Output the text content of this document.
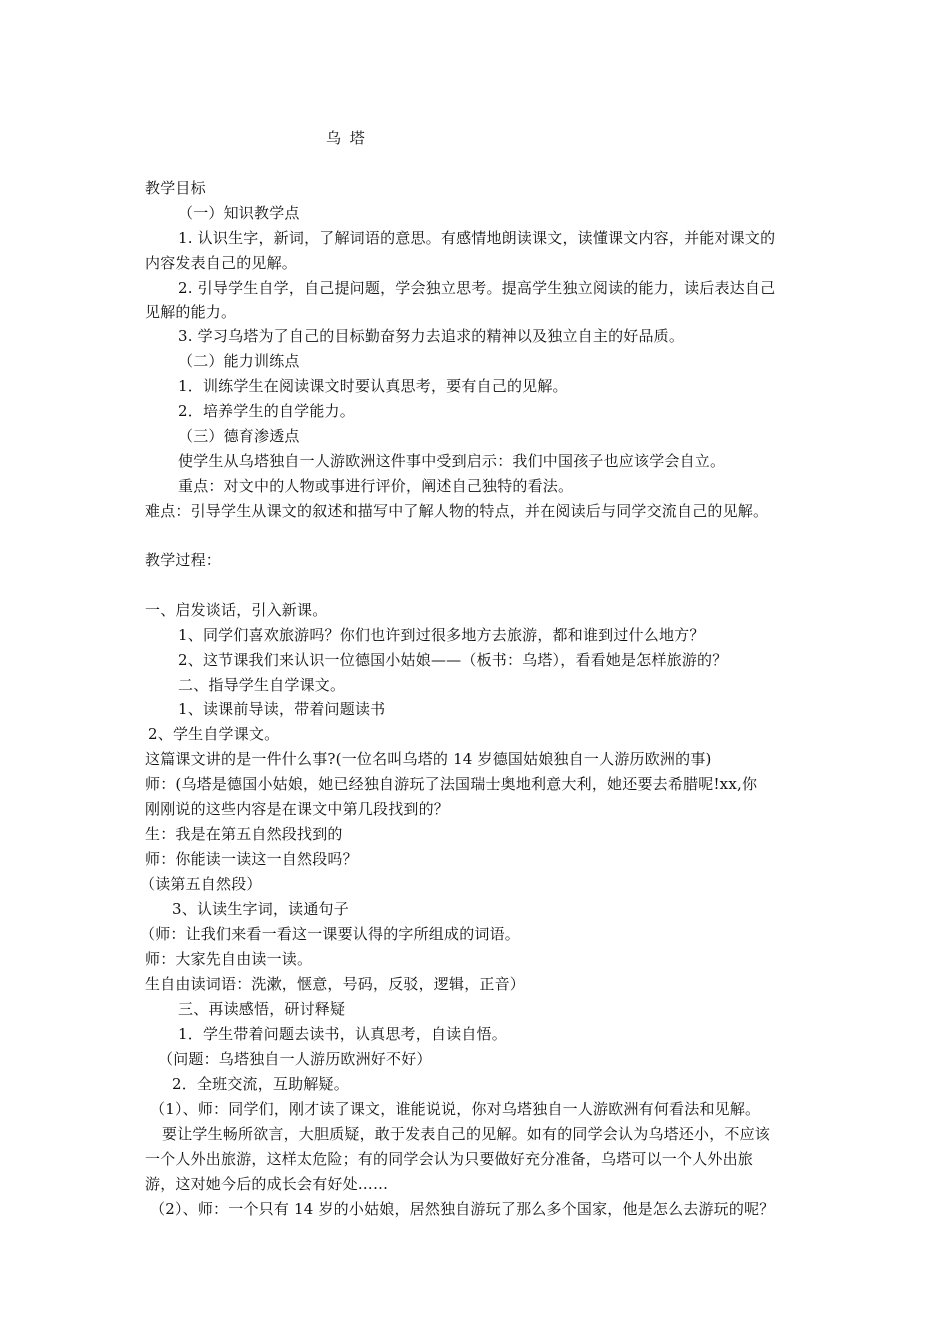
乌 塔
教学目标
（一）知识教学点
1. 认识生字，新词，了解词语的意思。有感情地朗读课文，读懂课文内容，并能对课文的
内容发表自己的见解。
2. 引导学生自学，自己提问题，学会独立思考。提高学生独立阅读的能力，读后表达自己
见解的能力。
3. 学习乌塔为了自己的目标勤奋努力去追求的精神以及独立自主的好品质。
（二）能力训练点
1．训练学生在阅读课文时要认真思考，要有自己的见解。
2．培养学生的自学能力。
（三）德育渗透点
使学生从乌塔独自一人游欧洲这件事中受到启示：我们中国孩子也应该学会自立。
重点：对文中的人物或事进行评价，阐述自己独特的看法。
难点：引导学生从课文的叙述和描写中了解人物的特点，并在阅读后与同学交流自己的见解。
教学过程：
一、启发谈话，引入新课。
1、同学们喜欢旅游吗？你们也许到过很多地方去旅游，都和谁到过什么地方？
2、这节课我们来认识一位德国小姑娘——（板书：乌塔），看看她是怎样旅游的？
二、指导学生自学课文。
1、读课前导读，带着问题读书
2、学生自学课文。
这篇课文讲的是一件什么事?(一位名叫乌塔的 14 岁德国姑娘独自一人游历欧洲的事)
师：(乌塔是德国小姑娘，她已经独自游玩了法国瑞士奥地利意大利，她还要去希腊呢!xx,你
刚刚说的这些内容是在课文中第几段找到的？
生：我是在第五自然段找到的
师：你能读一读这一自然段吗？
（读第五自然段）
3、认读生字词，读通句子
（师：让我们来看一看这一课要认得的字所组成的词语。
师：大家先自由读一读。
生自由读词语：洗漱，惬意，号码，反驳，逻辑，正音）
三、再读感悟，研讨释疑
1．学生带着问题去读书，认真思考，自读自悟。
（问题：乌塔独自一人游历欧洲好不好）
2．全班交流，互助解疑。
（1）、师：同学们，刚才读了课文，谁能说说，你对乌塔独自一人游欧洲有何看法和见解。
要让学生畅所欲言，大胆质疑，敢于发表自己的见解。如有的同学会认为乌塔还小，不应该
一个人外出旅游，这样太危险；有的同学会认为只要做好充分准备，乌塔可以一个人外出旅
游，这对她今后的成长会有好处……
（2）、师：一个只有 14 岁的小姑娘，居然独自游玩了那么多个国家，他是怎么去游玩的呢？
